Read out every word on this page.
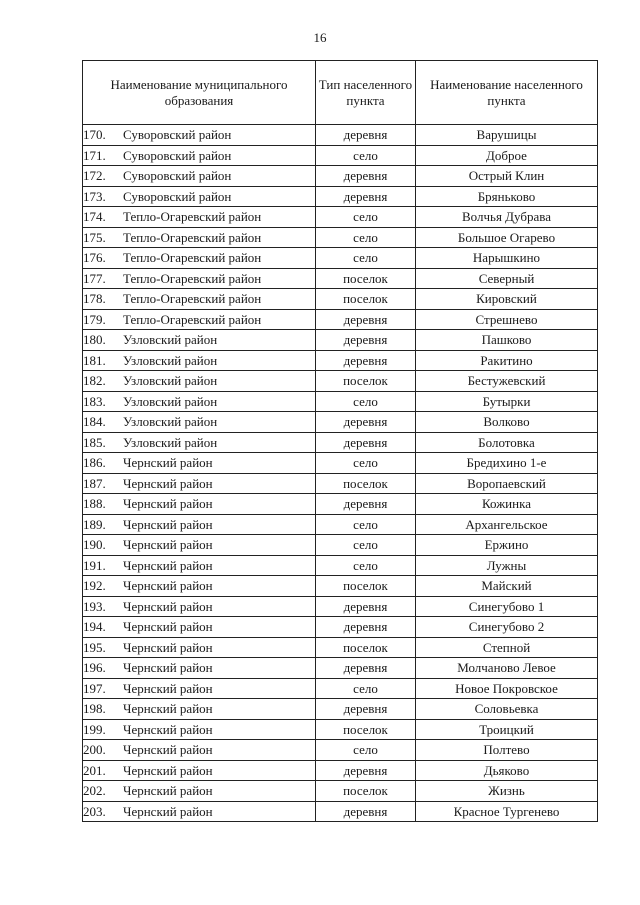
16
Наименование муниципального образования	Тип населенного пункта	Наименование населенного пункта
170. Суворовский район	деревня	Варушицы
171. Суворовский район	село	Доброе
172. Суворовский район	деревня	Острый Клин
173. Суворовский район	деревня	Бряньково
174. Тепло-Огаревский район	село	Волчья Дубрава
175. Тепло-Огаревский район	село	Большое Огарево
176. Тепло-Огаревский район	село	Нарышкино
177. Тепло-Огаревский район	поселок	Северный
178. Тепло-Огаревский район	поселок	Кировский
179. Тепло-Огаревский район	деревня	Стрешнево
180. Узловский район	деревня	Пашково
181. Узловский район	деревня	Ракитино
182. Узловский район	поселок	Бестужевский
183. Узловский район	село	Бутырки
184. Узловский район	деревня	Волково
185. Узловский район	деревня	Болотовка
186. Чернский район	село	Бредихино 1-е
187. Чернский район	поселок	Воропаевский
188. Чернский район	деревня	Кожинка
189. Чернский район	село	Архангельское
190. Чернский район	село	Ержино
191. Чернский район	село	Лужны
192. Чернский район	поселок	Майский
193. Чернский район	деревня	Синегубово 1
194. Чернский район	деревня	Синегубово 2
195. Чернский район	поселок	Степной
196. Чернский район	деревня	Молчаново Левое
197. Чернский район	село	Новое Покровское
198. Чернский район	деревня	Соловьевка
199. Чернский район	поселок	Троицкий
200. Чернский район	село	Полтево
201. Чернский район	деревня	Дьяково
202. Чернский район	поселок	Жизнь
203. Чернский район	деревня	Красное Тургенево
